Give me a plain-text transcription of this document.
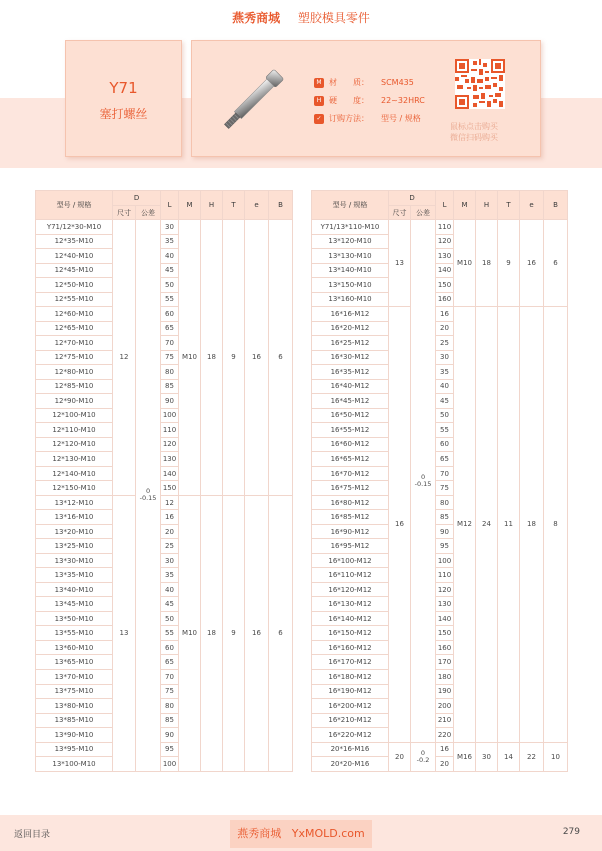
燕秀商城 塑胶模具零件
Y71
塞打螺丝
M 材　　质： SCM435
H 硬　　度： 22~32HRC
✓ 订购方法： 型号 / 规格
鼠标点击购买
微信扫码购买
型号 / 规格	D		L	M	H	T	e	B
	尺寸	公差						
Y71/12*30-M10	12	0
-0.15	30	M10	18	9	16	6
12*35-M10			35					
12*40-M10			40					
12*45-M10			45					
12*50-M10			50					
12*55-M10			55					
12*60-M10			60					
12*65-M10			65					
12*70-M10			70					
12*75-M10			75					
12*80-M10			80					
12*85-M10			85					
12*90-M10			90					
12*100-M10			100					
12*110-M10			110					
12*120-M10			120					
12*130-M10			130					
12*140-M10			140					
12*150-M10			150					
13*12-M10	13		12	M10	18	9	16	6
13*16-M10			16					
13*20-M10			20					
13*25-M10			25					
13*30-M10			30					
13*35-M10			35					
13*40-M10			40					
13*45-M10			45					
13*50-M10			50					
13*55-M10			55					
13*60-M10			60					
13*65-M10			65					
13*70-M10			70					
13*75-M10			75					
13*80-M10			80					
13*85-M10			85					
13*90-M10			90					
13*95-M10			95					
13*100-M10			100					
型号 / 规格	D		L	M	H	T	e	B
	尺寸	公差						
Y71/13*110-M10	13	0
-0.15	110	M10	18	9	16	6
13*120-M10			120					
13*130-M10			130					
13*140-M10			140					
13*150-M10			150					
13*160-M10			160					
16*16-M12	16		16	M12	24	11	18	8
16*20-M12			20					
16*25-M12			25					
16*30-M12			30					
16*35-M12			35					
16*40-M12			40					
16*45-M12			45					
16*50-M12			50					
16*55-M12			55					
16*60-M12			60					
16*65-M12			65					
16*70-M12			70					
16*75-M12			75					
16*80-M12			80					
16*85-M12			85					
16*90-M12			90					
16*95-M12			95					
16*100-M12			100					
16*110-M12			110					
16*120-M12			120					
16*130-M12			130					
16*140-M12			140					
16*150-M12			150					
16*160-M12			160					
16*170-M12			170					
16*180-M12			180					
16*190-M12			190					
16*200-M12			200					
16*210-M12			210					
16*220-M12			220					
20*16-M16	20	0
-0.2	16	M16	30	14	22	10
20*20-M16			20					
返回目录	燕秀商城 YxMOLD.com	279
